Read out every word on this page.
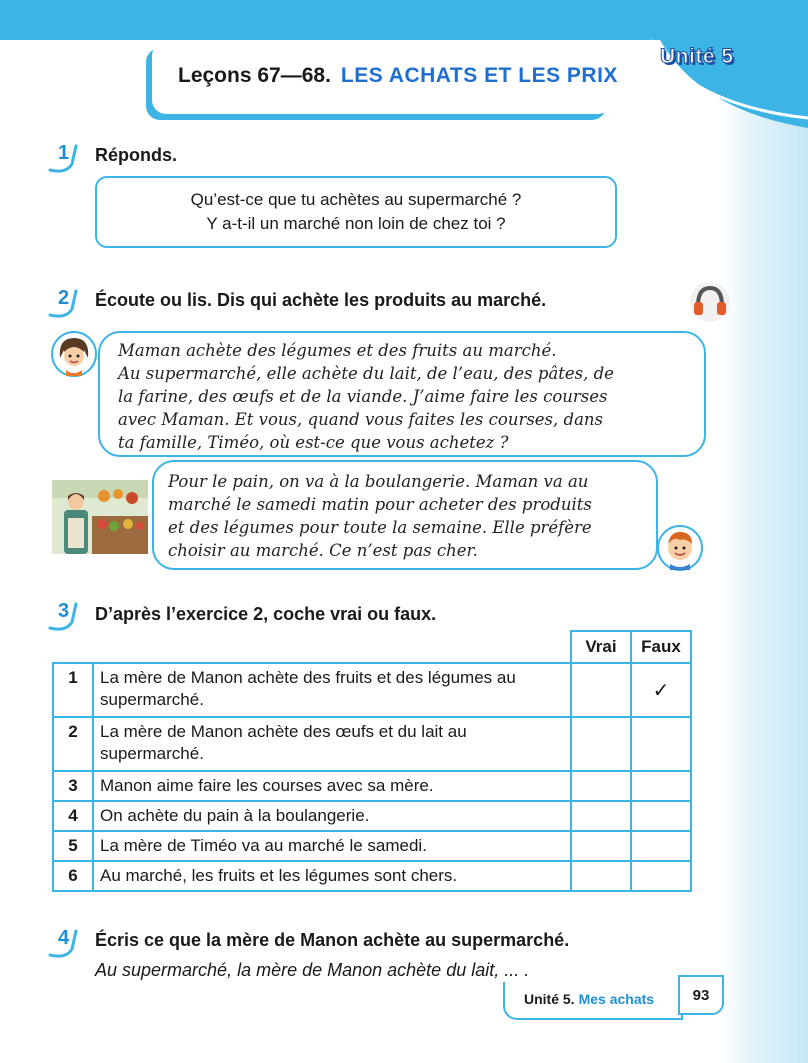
Leçons 67—68. LES ACHATS ET LES PRIX
Unité 5
1 Réponds.
Qu’est-ce que tu achètes au supermarché ?
Y a-t-il un marché non loin de chez toi ?
2 Écoute ou lis. Dis qui achète les produits au marché.
Maman achète des légumes et des fruits au marché.
Au supermarché, elle achète du lait, de l’eau, des pâtes, de
la farine, des œufs et de la viande. J’aime faire les courses
avec Maman. Et vous, quand vous faites les courses, dans
ta famille, Timéo, où est-ce que vous achetez ?
Pour le pain, on va à la boulangerie. Maman va au
marché le samedi matin pour acheter des produits
et des légumes pour toute la semaine. Elle préfère
choisir au marché. Ce n’est pas cher.
3 D’après l’exercice 2, coche vrai ou faux.
		Vrai	Faux
1	La mère de Manon achète des fruits et des légumes au supermarché.		✓
2	La mère de Manon achète des œufs et du lait au supermarché.		
3	Manon aime faire les courses avec sa mère.		
4	On achète du pain à la boulangerie.		
5	La mère de Timéo va au marché le samedi.		
6	Au marché, les fruits et les légumes sont chers.		
4 Écris ce que la mère de Manon achète au supermarché.
Au supermarché, la mère de Manon achète du lait, ... .
Unité 5. Mes achats	93
